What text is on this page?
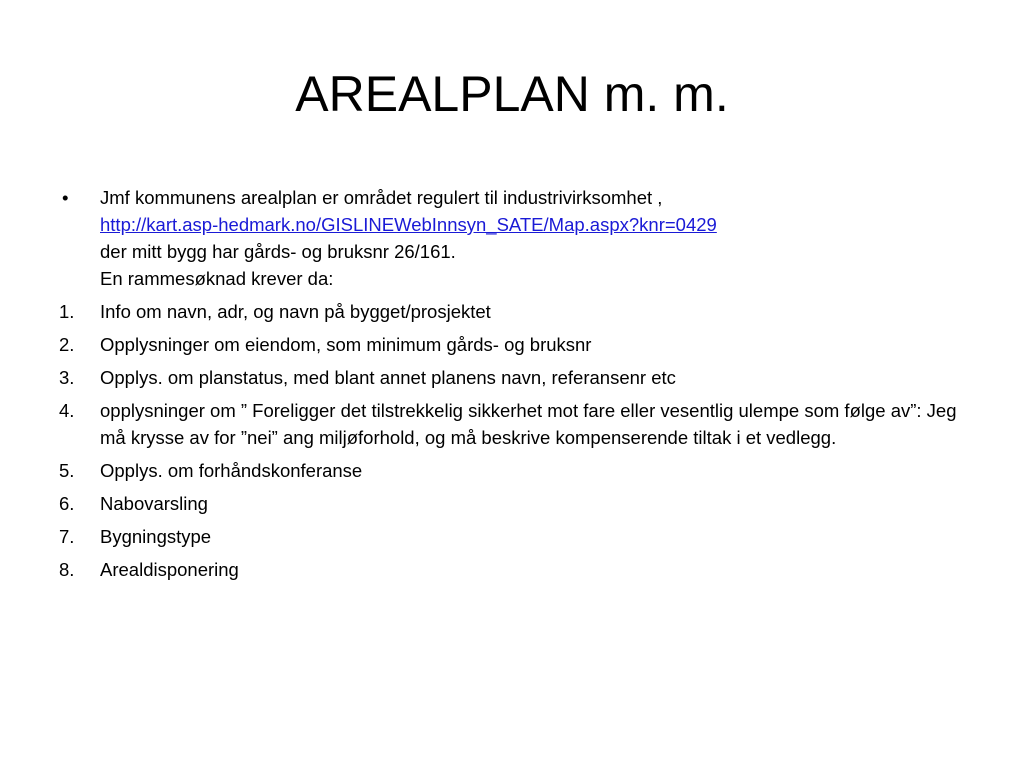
AREALPLAN m. m.
•	Jmf kommunens arealplan er området regulert til industrivirksomhet ,
http://kart.asp-hedmark.no/GISLINEWebInnsyn_SATE/Map.aspx?knr=0429
der mitt bygg har gårds- og bruksnr 26/161.
En rammesøknad krever da:
1.	Info om navn, adr, og navn på bygget/prosjektet
2.	Opplysninger om eiendom, som minimum gårds- og bruksnr
3.	Opplys. om planstatus, med blant annet planens navn, referansenr etc
4.	opplysninger om ” Foreligger det tilstrekkelig sikkerhet mot fare eller vesentlig ulempe som følge av”: Jeg må krysse av for ”nei” ang miljøforhold, og må beskrive kompenserende tiltak i et vedlegg.
5.	Opplys. om forhåndskonferanse
6.	Nabovarsling
7.	Bygningstype
8.	Arealdisponering
